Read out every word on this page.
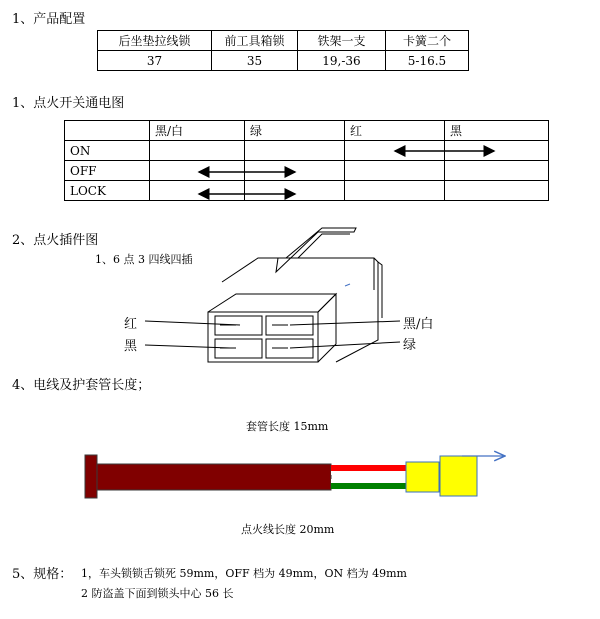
1、产品配置
后坐垫拉线锁	前工具箱锁	铁架一支	卡簧二个
37	35	19,-36	5-16.5
1、点火开关通电图
	黑/白	绿	红	黑
ON				
OFF				
LOCK				
2、点火插件图
1、6 点 3 四线四插
红
黑
黑/白
绿
4、电线及护套管长度；
套管长度 15mm
点火线长度 20mm
5、规格： 1，车头锁锁舌锁死 59mm，OFF 档为 49mm，ON 档为 49mm
2 防盗盖下面到锁头中心 56 长
